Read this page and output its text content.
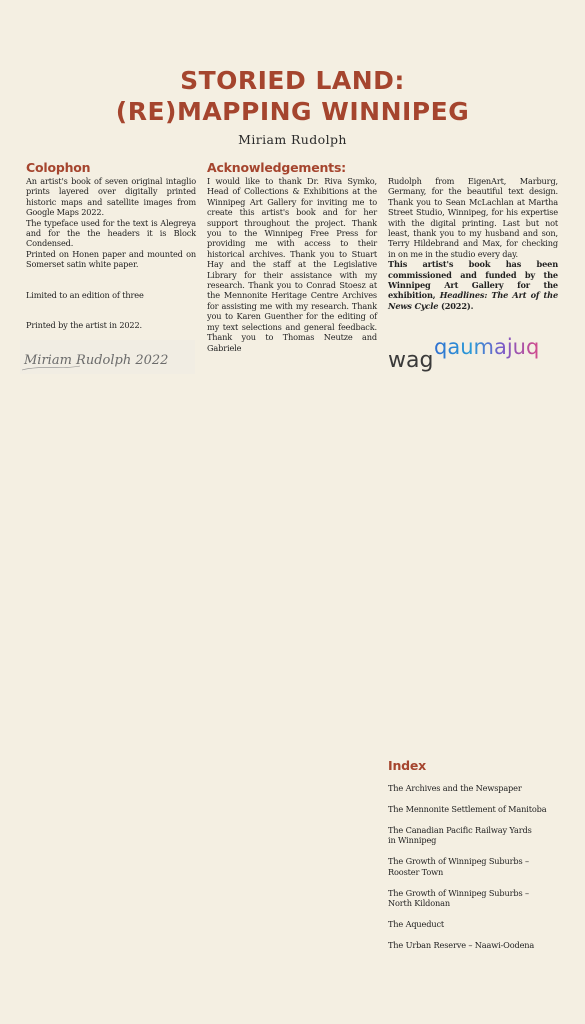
STORIED LAND:
(RE)MAPPING WINNIPEG
Miriam Rudolph
Colophon

An artist's book of seven original intaglio prints layered over digitally printed historic maps and satellite images from Google Maps 2022.

The typeface used for the text is Alegreya and for the the headers it is Block Condensed.

Printed on Honen paper and mounted on Somerset satin white paper.

Limited to an edition of three

Printed by the artist in 2022.

Miriam Rudolph 2022
Acknowledgements:

I would like to thank Dr. Riva Symko, Head of Collections & Exhibitions at the Winnipeg Art Gallery for inviting me to create this artist's book and for her support throughout the project. Thank you to the Winnipeg Free Press for providing me with access to their historical archives. Thank you to Stuart Hay and the staff at the Legislative Library for their assistance with my research. Thank you to Conrad Stoesz at the Mennonite Heritage Centre Archives for assisting me with my research. Thank you to Karen Guenther for the editing of my text selections and general feedback. Thank you to Thomas Neutze and Gabriele

Rudolph from EigenArt, Marburg, Germany, for the beautiful text design. Thank you to Sean McLachlan at Martha Street Studio, Winnipeg, for his expertise with the digital printing. Last but not least, thank you to my husband and son, Terry Hildebrand and Max, for checking in on me in the studio every day.

This artist's book has been commissioned and funded by the Winnipeg Art Gallery for the exhibition, Headlines: The Art of the News Cycle (2022).

wag
qaumajuq
Index
The Archives and the Newspaper
The Mennonite Settlement of Manitoba
The Canadian Pacific Railway Yards
in Winnipeg
The Growth of Winnipeg Suburbs –
Rooster Town
The Growth of Winnipeg Suburbs –
North Kildonan
The Aqueduct
The Urban Reserve – Naawi-Oodena
